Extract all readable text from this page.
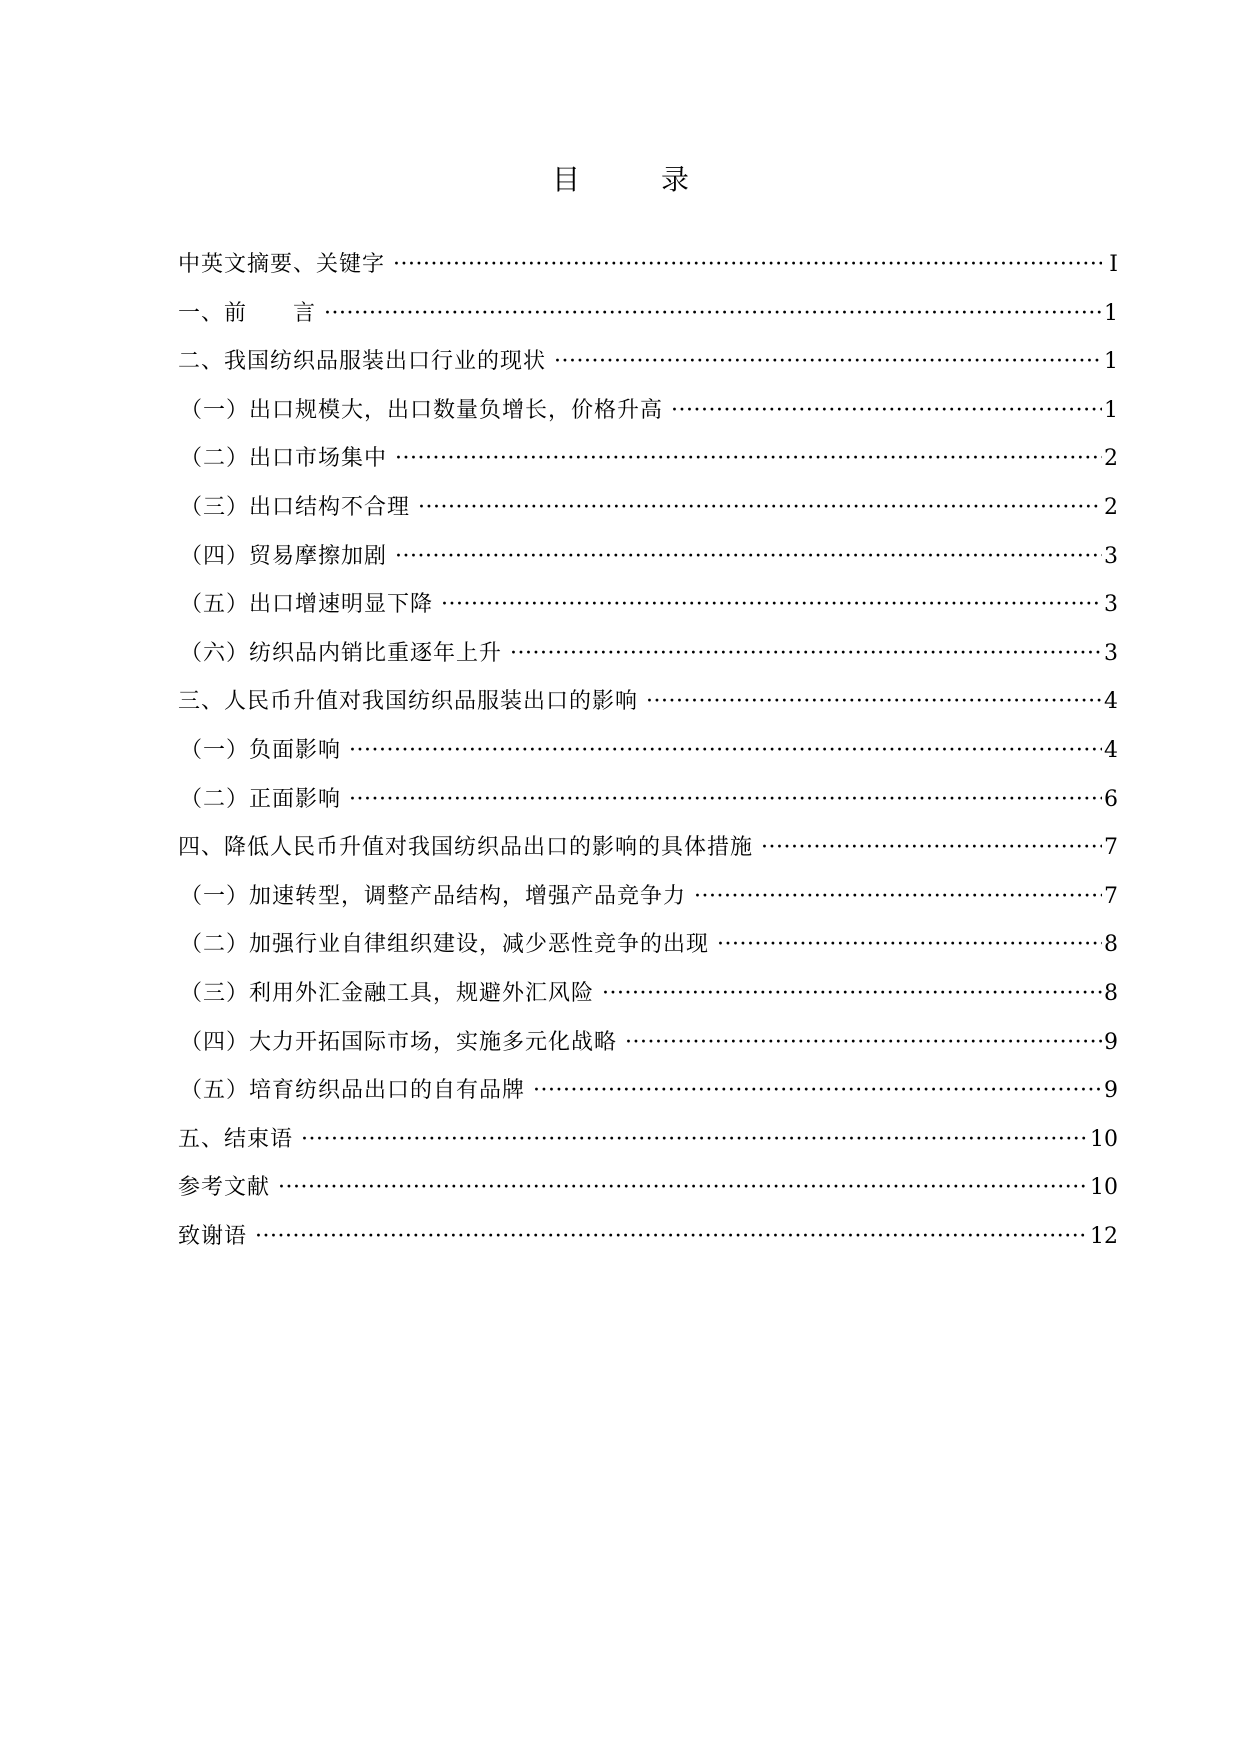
目 录
中英文摘要、关键字 ·····	I
一、前　　言 ·····	1
二、我国纺织品服装出口行业的现状 ·····	1
（一）出口规模大，出口数量负增长，价格升高 ·····	1
（二）出口市场集中 ·····	2
（三）出口结构不合理 ·····	2
（四）贸易摩擦加剧 ·····	3
（五）出口增速明显下降 ·····	3
（六）纺织品内销比重逐年上升 ·····	3
三、人民币升值对我国纺织品服装出口的影响 ·····	4
（一）负面影响 ·····	4
（二）正面影响 ·····	6
四、降低人民币升值对我国纺织品出口的影响的具体措施 ·····	7
（一）加速转型，调整产品结构，增强产品竞争力 ·····	7
（二）加强行业自律组织建设，减少恶性竞争的出现 ·····	8
（三）利用外汇金融工具，规避外汇风险 ·····	8
（四）大力开拓国际市场，实施多元化战略 ·····	9
（五）培育纺织品出口的自有品牌 ·····	9
五、结束语 ·····	10
参考文献 ·····	10
致谢语 ·····	12
